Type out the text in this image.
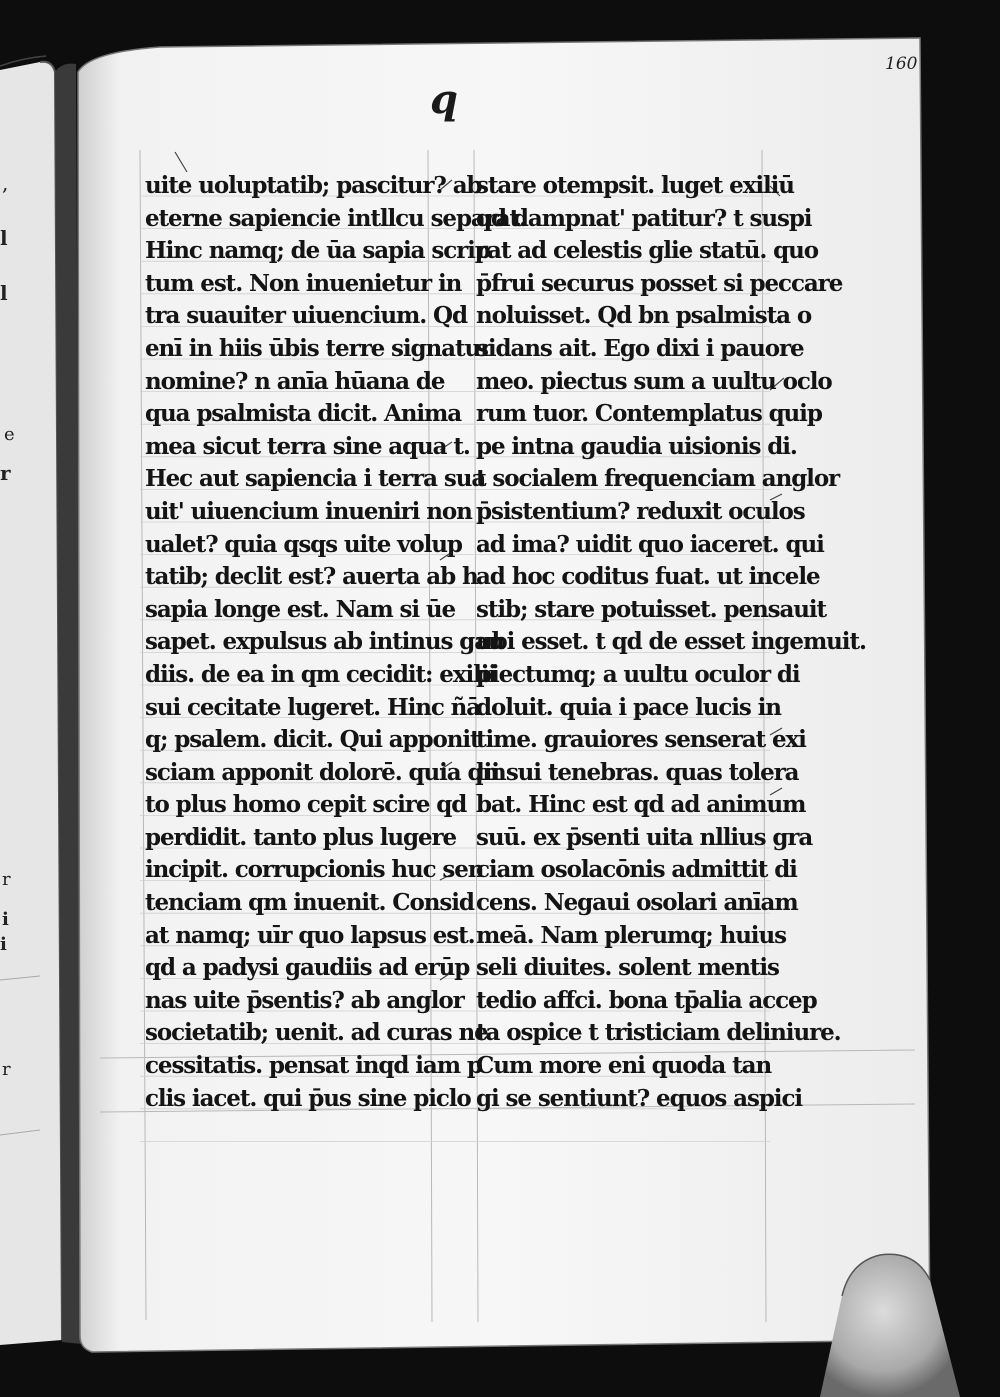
,
l
l
e
r
r
i
i
r
160
q
uite uoluptatib; pascitur? ab
eterne sapiencie intllcu separat.
Hinc namq; de ūa sapia scrip
tum est. Non inuenietur in
tra suauiter uiuencium. Qd
enī in hiis ūbis terre signatur
nomine? n anīa hūana de
qua psalmista dicit. Anima
mea sicut terra sine aqua t.
Hec aut sapiencia i terra sua
uit' uiuencium inueniri non
ualet? quia qsqs uite volup
tatib; declit est? auerta ab h
sapia longe est. Nam si ūe
sapet. expulsus ab intinus gau
diis. de ea in qm cecidit: exilii
sui cecitate lugeret. Hinc ñā
q; psalem. dicit. Qui apponit
sciam apponit dolorē. quia qm
to plus homo cepit scire qd
perdidit. tanto plus lugere
incipit. corrupcionis huc sen
tenciam qm inuenit. Consid
at namq; uīr quo lapsus est.
qd a padysi gaudiis ad erūp
nas uite p̄sentis? ab anglor
societatib; uenit. ad curas ne
cessitatis. pensat inqd iam p
clis iacet. qui p̄us sine piclo
stare otempsit. luget exiliū
qd dampnat' patitur? t suspi
rat ad celestis glie statū. quo
p̄frui securus posset si peccare
noluisset. Qd bn psalmista o
sidans ait. Ego dixi i pauore
meo. piectus sum a uultu oclo
rum tuor. Contemplatus quip
pe intna gaudia uisionis di.
t socialem frequenciam anglor
p̄sistentium? reduxit oculos
ad ima? uidit quo iaceret. qui
ad hoc coditus fuat. ut incele
stib; stare potuisset. pensauit
ubi esset. t qd de esset ingemuit.
piectumq; a uultu oculor di
doluit. quia i pace lucis in
time. grauiores senserat exi
lii sui tenebras. quas tolera
bat. Hinc est qd ad animum
suū. ex p̄senti uita nllius gra
ciam osolacōnis admittit di
cens. Negaui osolari anīam
meā. Nam plerumq; huius
seli diuites. solent mentis
tedio affci. bona tp̄alia accep
ta ospice t tristiciam deliniure.
Cum more eni quoda tan
gi se sentiunt? equos aspici
